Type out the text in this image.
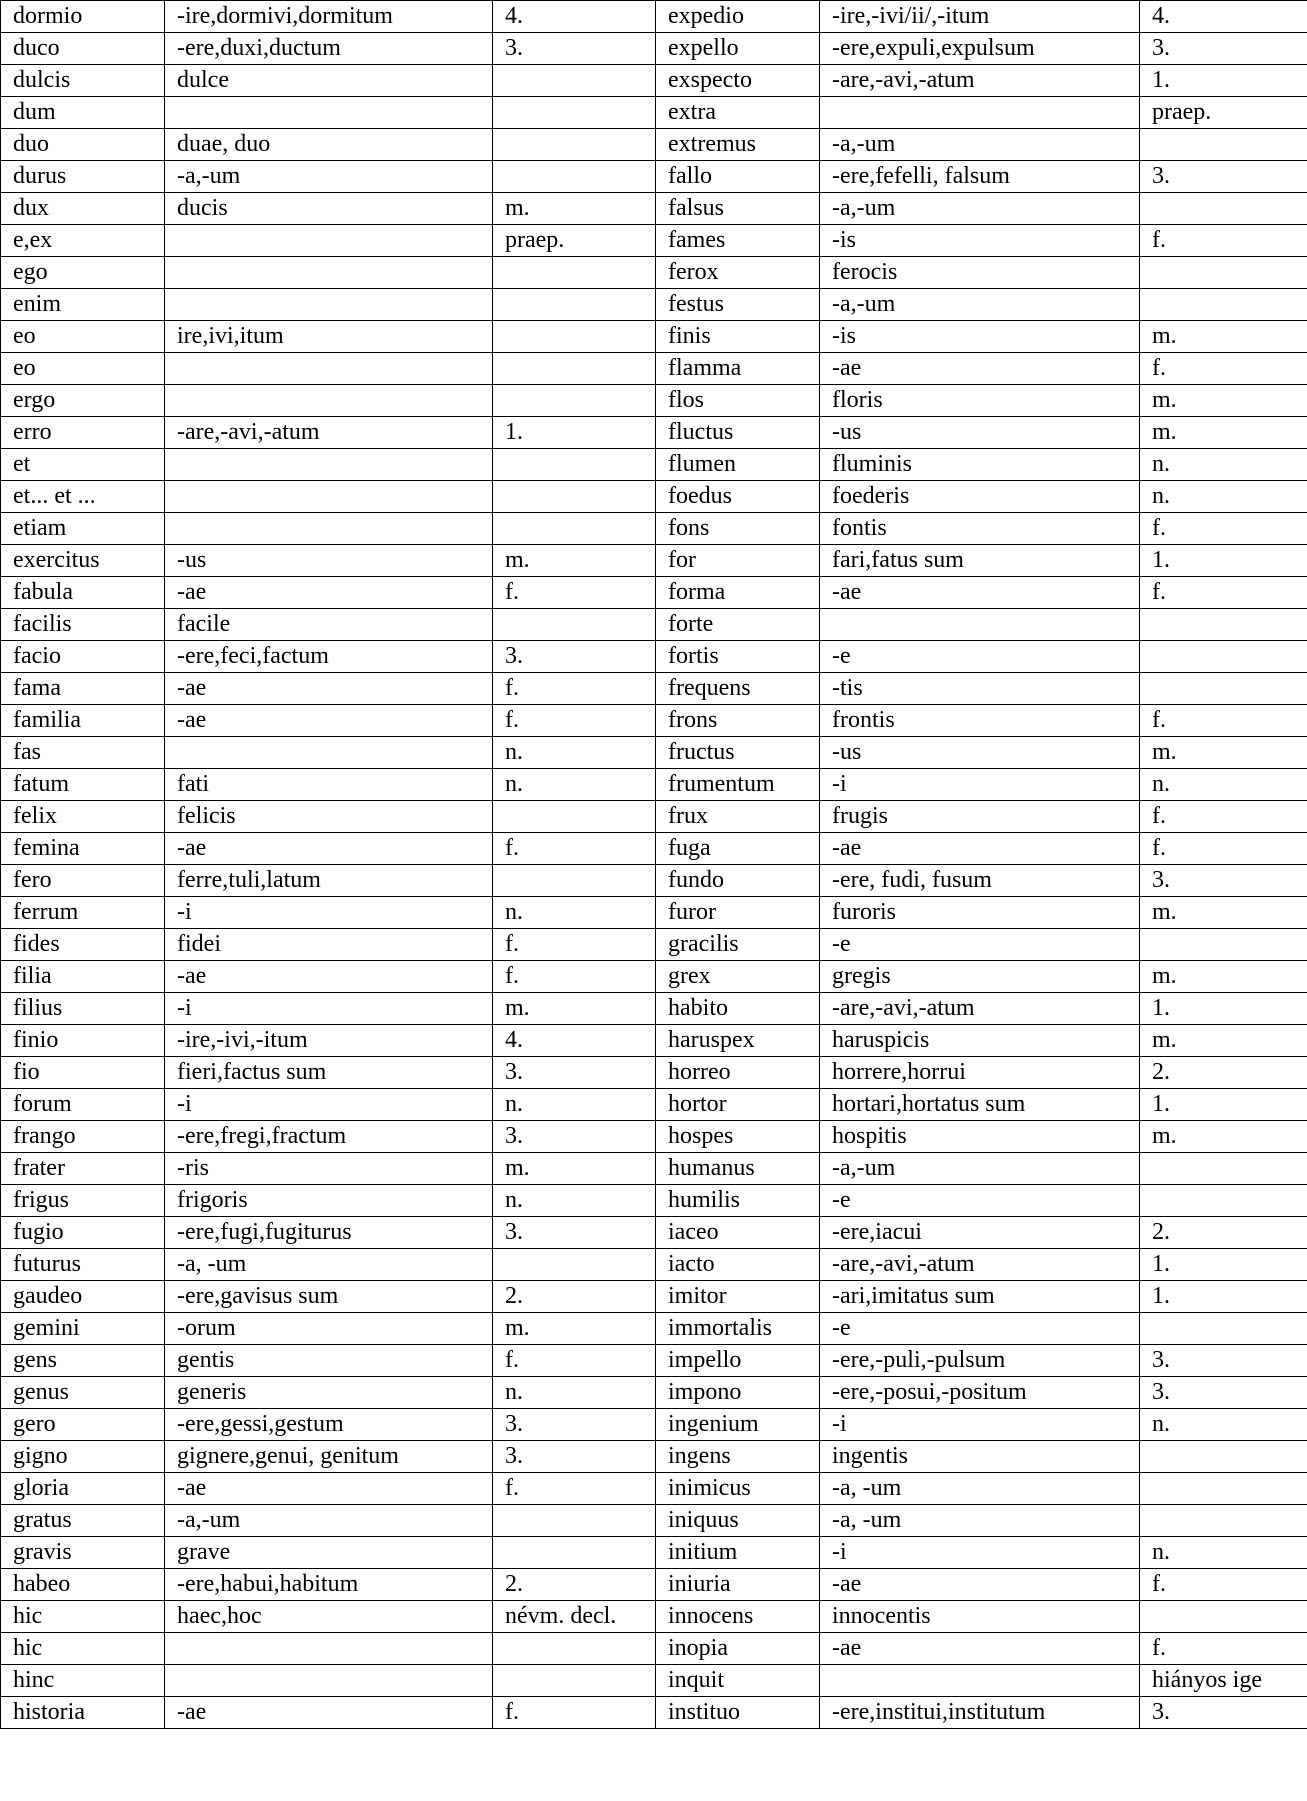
dormio	-ire,dormivi,dormitum	4.	expedio	-ire,-ivi/ii/,-itum	4.
duco	-ere,duxi,ductum	3.	expello	-ere,expuli,expulsum	3.
dulcis	dulce		exspecto	-are,-avi,-atum	1.
dum			extra		praep.
duo	duae, duo		extremus	-a,-um	
durus	-a,-um		fallo	-ere,fefelli, falsum	3.
dux	ducis	m.	falsus	-a,-um	
e,ex		praep.	fames	-is	f.
ego			ferox	ferocis	
enim			festus	-a,-um	
eo	ire,ivi,itum		finis	-is	m.
eo			flamma	-ae	f.
ergo			flos	floris	m.
erro	-are,-avi,-atum	1.	fluctus	-us	m.
et			flumen	fluminis	n.
et... et ...			foedus	foederis	n.
etiam			fons	fontis	f.
exercitus	-us	m.	for	fari,fatus sum	1.
fabula	-ae	f.	forma	-ae	f.
facilis	facile		forte		
facio	-ere,feci,factum	3.	fortis	-e	
fama	-ae	f.	frequens	-tis	
familia	-ae	f.	frons	frontis	f.
fas		n.	fructus	-us	m.
fatum	fati	n.	frumentum	-i	n.
felix	felicis		frux	frugis	f.
femina	-ae	f.	fuga	-ae	f.
fero	ferre,tuli,latum		fundo	-ere, fudi, fusum	3.
ferrum	-i	n.	furor	furoris	m.
fides	fidei	f.	gracilis	-e	
filia	-ae	f.	grex	gregis	m.
filius	-i	m.	habito	-are,-avi,-atum	1.
finio	-ire,-ivi,-itum	4.	haruspex	haruspicis	m.
fio	fieri,factus sum	3.	horreo	horrere,horrui	2.
forum	-i	n.	hortor	hortari,hortatus sum	1.
frango	-ere,fregi,fractum	3.	hospes	hospitis	m.
frater	-ris	m.	humanus	-a,-um	
frigus	frigoris	n.	humilis	-e	
fugio	-ere,fugi,fugiturus	3.	iaceo	-ere,iacui	2.
futurus	-a, -um		iacto	-are,-avi,-atum	1.
gaudeo	-ere,gavisus sum	2.	imitor	-ari,imitatus sum	1.
gemini	-orum	m.	immortalis	-e	
gens	gentis	f.	impello	-ere,-puli,-pulsum	3.
genus	generis	n.	impono	-ere,-posui,-positum	3.
gero	-ere,gessi,gestum	3.	ingenium	-i	n.
gigno	gignere,genui, genitum	3.	ingens	ingentis	
gloria	-ae	f.	inimicus	-a, -um	
gratus	-a,-um		iniquus	-a, -um	
gravis	grave		initium	-i	n.
habeo	-ere,habui,habitum	2.	iniuria	-ae	f.
hic	haec,hoc	névm. decl.	innocens	innocentis	
hic			inopia	-ae	f.
hinc			inquit		hiányos ige
historia	-ae	f.	instituo	-ere,institui,institutum	3.
